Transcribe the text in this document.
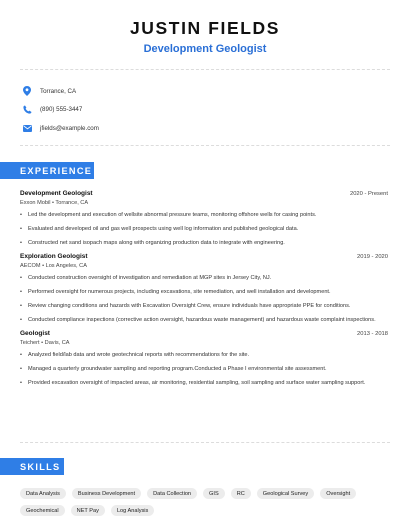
JUSTIN FIELDS
Development Geologist
Torrance, CA
(890) 555-3447
jfields@example.com
EXPERIENCE
Development Geologist	2020 - Present
Exxon Mobil • Torrance, CA
• Led the development and execution of wellsite abnormal pressure teams, monitoring offshore wells for casing points.
• Evaluated and developed oil and gas well prospects using well log information and published geological data.
• Constructed net sand isopach maps along with organizing production data to integrate with engineering.
Exploration Geologist	2019 - 2020
AECOM • Los Angeles, CA
• Conducted construction oversight of investigation and remediation at MGP sites in Jersey City, NJ.
• Performed oversight for numerous projects, including excavations, site remediation, and well installation and development.
• Review changing conditions and hazards with Excavation Oversight Crew, ensure individuals have appropriate PPE for conditions.
• Conducted compliance inspections (corrective action oversight, hazardous waste management) and hazardous waste complaint inspections.
Geologist	2013 - 2018
Teichert • Davis, CA
• Analyzed field/lab data and wrote geotechnical reports with recommendations for the site.
• Managed a quarterly groundwater sampling and reporting program.Conducted a Phase I environmental site assessment.
• Provided excavation oversight of impacted areas, air monitoring, residential sampling, soil sampling and surface water sampling support.
SKILLS
Data Analysis	Business Development	Data Collection	GIS	RC	Geological Survey	Oversight
Geochemical	NET Pay	Log Analysis
